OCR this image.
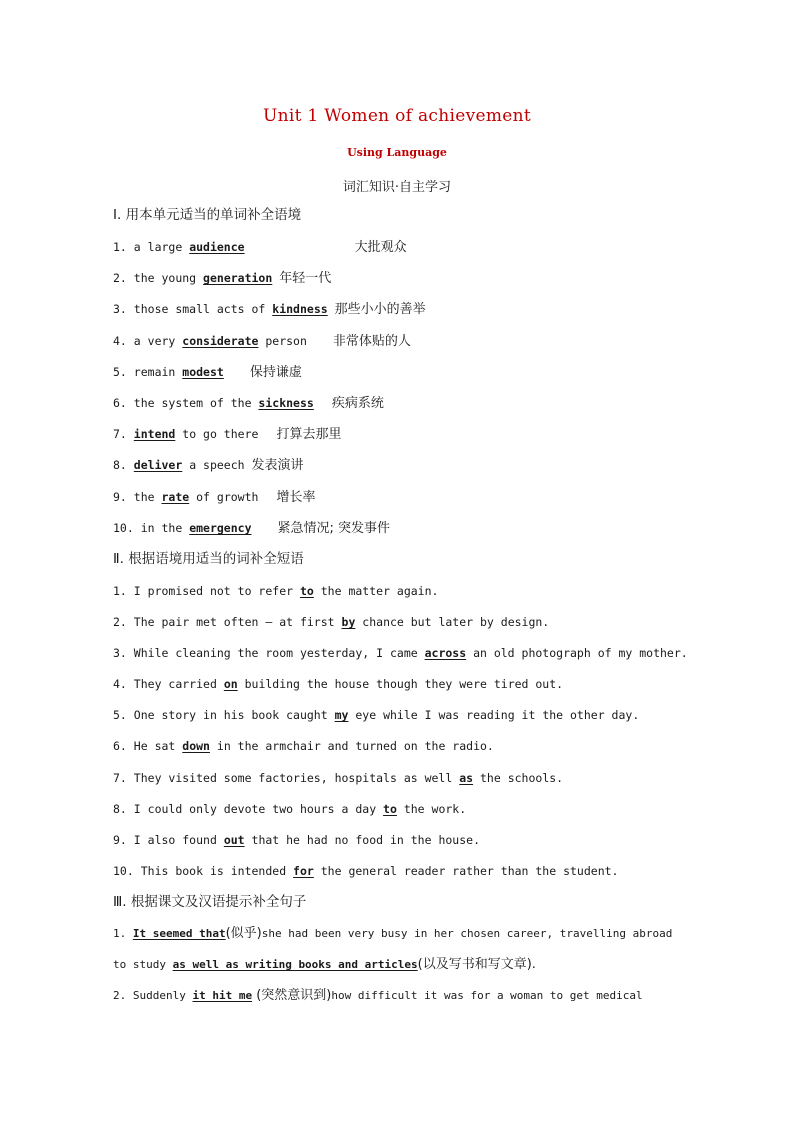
Unit 1 Women of achievement
Using Language
词汇知识·自主学习
Ⅰ. 用本单元适当的单词补全语境
1. a large audience	大批观众
2. the young generation 年轻一代
3. those small acts of kindness 那些小小的善举
4. a very considerate person 非常体贴的人
5. remain modest 保持谦虚
6. the system of the sickness 疾病系统
7. intend to go there 打算去那里
8. deliver a speech 发表演讲
9. the rate of growth 增长率
10. in the emergency 紧急情况; 突发事件
Ⅱ. 根据语境用适当的词补全短语
1. I promised not to refer to the matter again.
2. The pair met often — at first by chance but later by design.
3. While cleaning the room yesterday, I came across an old photograph of my mother.
4. They carried on building the house though they were tired out.
5. One story in his book caught my eye while I was reading it the other day.
6. He sat down in the armchair and turned on the radio.
7. They visited some factories, hospitals as well as the schools.
8. I could only devote two hours a day to the work.
9. I also found out that he had no food in the house.
10. This book is intended for the general reader rather than the student.
Ⅲ. 根据课文及汉语提示补全句子
1. It seemed that(似乎)she had been very busy in her chosen career, travelling abroad
to study as well as writing books and articles(以及写书和写文章).
2. Suddenly it hit me (突然意识到)how difficult it was for a woman to get medical
